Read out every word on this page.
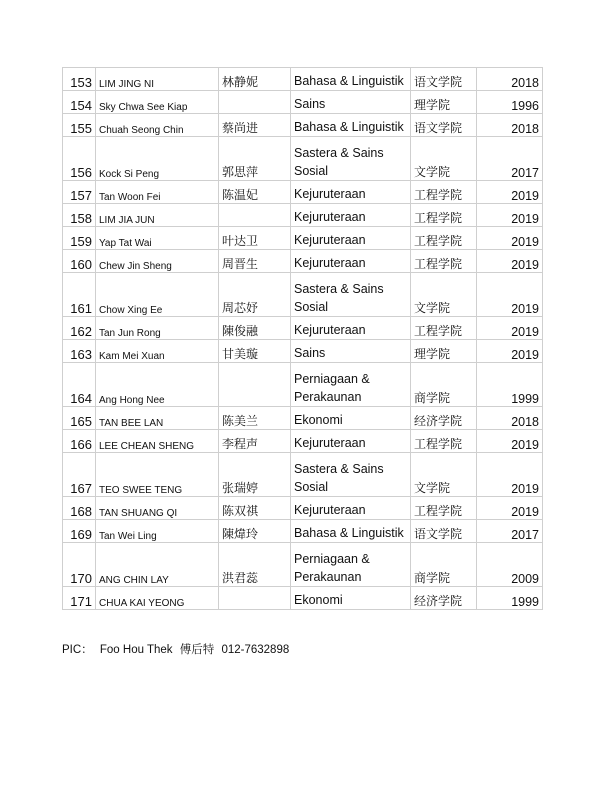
153	LIM JING NI	林静妮	Bahasa & Linguistik	语文学院	2018
154	Sky Chwa See Kiap		Sains	理学院	1996
155	Chuah Seong Chin	蔡尚进	Bahasa & Linguistik	语文学院	2018
156	Kock Si Peng	郭思萍	Sastera & Sains
Sosial	文学院	2017
157	Tan Woon Fei	陈温妃	Kejuruteraan	工程学院	2019
158	LIM JIA JUN		Kejuruteraan	工程学院	2019
159	Yap Tat Wai	叶达卫	Kejuruteraan	工程学院	2019
160	Chew Jin Sheng	周晋生	Kejuruteraan	工程学院	2019
161	Chow Xing Ee	周芯妤	Sastera & Sains
Sosial	文学院	2019
162	Tan Jun Rong	陳俊融	Kejuruteraan	工程学院	2019
163	Kam Mei Xuan	甘美璇	Sains	理学院	2019
164	Ang Hong Nee		Perniagaan &
Perakaunan	商学院	1999
165	TAN BEE LAN	陈美兰	Ekonomi	经济学院	2018
166	LEE CHEAN SHENG	李程声	Kejuruteraan	工程学院	2019
167	TEO SWEE TENG	张瑞婷	Sastera & Sains
Sosial	文学院	2019
168	TAN SHUANG QI	陈双祺	Kejuruteraan	工程学院	2019
169	Tan Wei Ling	陳煒玲	Bahasa & Linguistik	语文学院	2017
170	ANG CHIN LAY	洪君蕊	Perniagaan &
Perakaunan	商学院	2009
171	CHUA KAI YEONG		Ekonomi	经济学院	1999
PIC： Foo Hou Thek 傅后特 012-7632898
